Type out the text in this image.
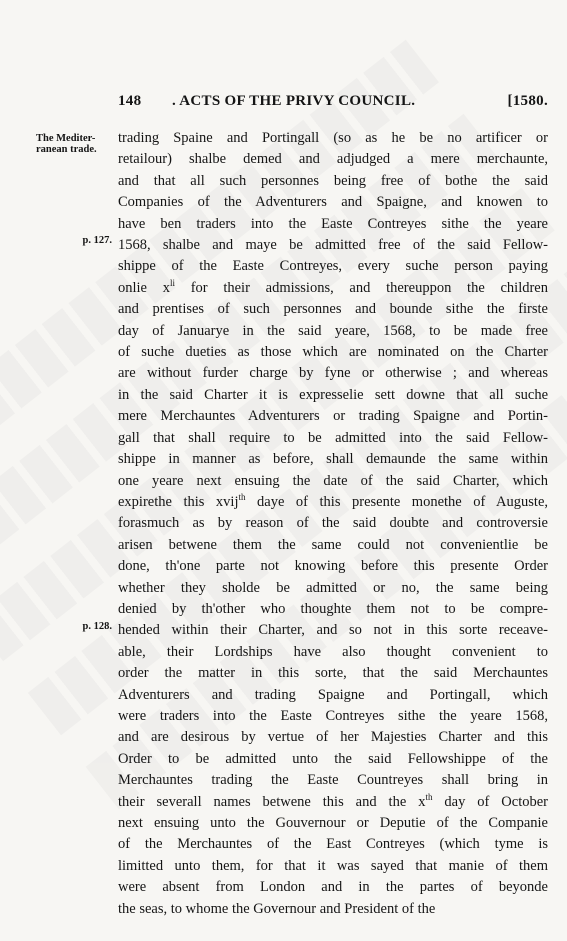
148	. ACTS OF THE PRIVY COUNCIL.	[1580.
The Mediter-
ranean trade.
p. 127.
p. 128.
trading Spaine and Portingall (so as he be no artificer or
retailour) shalbe demed and adjudged a mere merchaunte,
and that all such personnes being free of bothe the said
Companies of the Adventurers and Spaigne, and knowen to
have ben traders into the Easte Contreyes sithe the yeare
1568, shalbe and maye be admitted free of the said Fellow-
shippe of the Easte Contreyes, every suche person paying
onlie $x^{li}$ for their admissions, and thereuppon the children
and prentises of such personnes and bounde sithe the firste
day of Januarye in the said yeare, 1568, to be made free
of suche dueties as those which are nominated on the Charter
are without furder charge by fyne or otherwise ; and whereas
in the said Charter it is expresselie sett downe that all suche
mere Merchauntes Adventurers or trading Spaigne and Portin-
gall that shall require to be admitted into the said Fellow-
shippe in manner as before, shall demaunde the same within
one yeare next ensuing the date of the said Charter, which
expirethe this xvij$^{th}$ daye of this presente monethe of Auguste,
forasmuch as by reason of the said doubte and controversie
arisen betwene them the same could not convenientlie be
done, th'one parte not knowing before this presente Order
whether they sholde be admitted or no, the same being
denied by th'other who thoughte them not to be compre-
hended within their Charter, and so not in this sorte receave-
able, their Lordships have also thought convenient to
order the matter in this sorte, that the said Merchauntes
Adventurers and trading Spaigne and Portingall, which
were traders into the Easte Contreyes sithe the yeare 1568,
and are desirous by vertue of her Majesties Charter and this
Order to be admitted unto the said Fellowshippe of the
Merchauntes trading the Easte Countreyes shall bring in
their severall names betwene this and the $x^{th}$ day of October
next ensuing unto the Gouvernour or Deputie of the Companie
of the Merchauntes of the East Contreyes (which tyme is
limitted unto them, for that it was sayed that manie of them
were absent from London and in the partes of beyonde
the seas, to whome the Governour and President of the
